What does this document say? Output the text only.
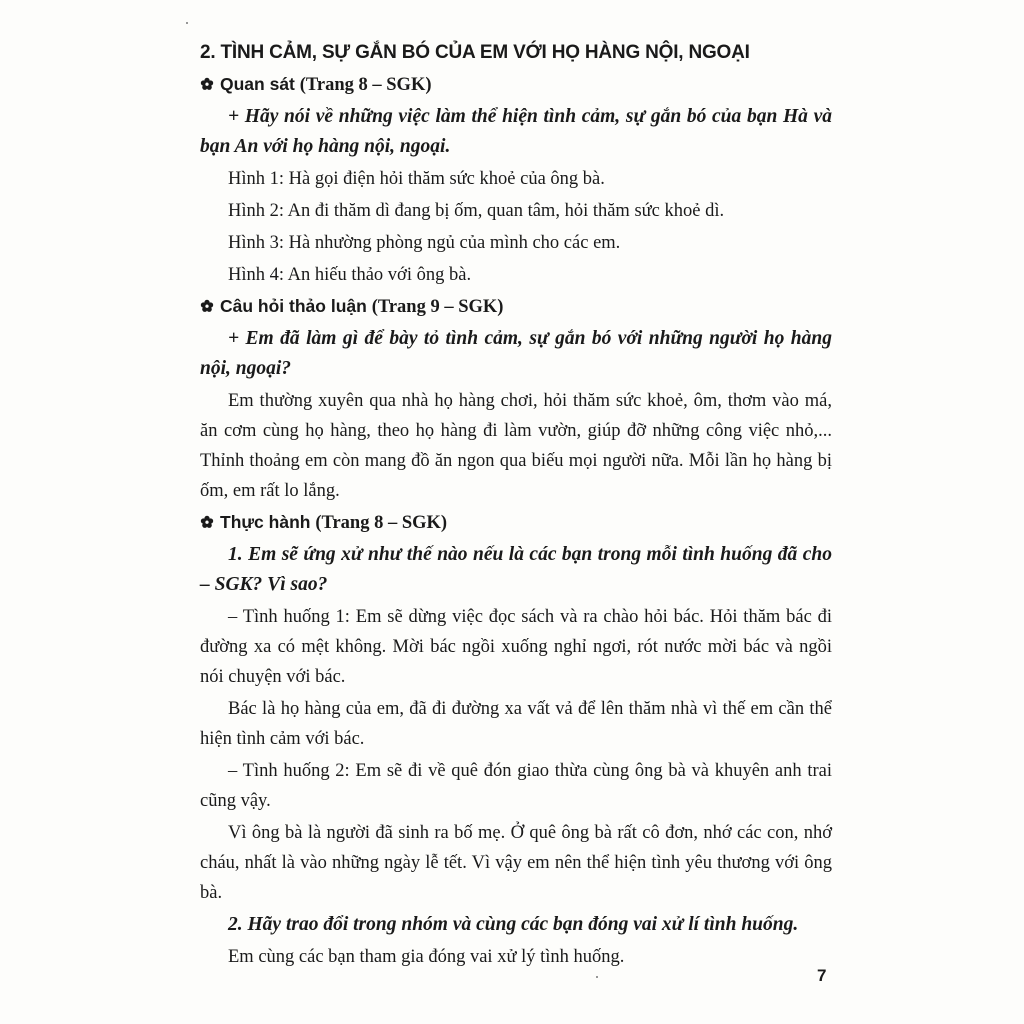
2. TÌNH CẢM, SỰ GẮN BÓ CỦA EM VỚI HỌ HÀNG NỘI, NGOẠI
Quan sát (Trang 8 – SGK)

+ Hãy nói về những việc làm thể hiện tình cảm, sự gắn bó của bạn Hà và bạn An với họ hàng nội, ngoại.

Hình 1: Hà gọi điện hỏi thăm sức khoẻ của ông bà.
Hình 2: An đi thăm dì đang bị ốm, quan tâm, hỏi thăm sức khoẻ dì.
Hình 3: Hà nhường phòng ngủ của mình cho các em.
Hình 4: An hiếu thảo với ông bà.
Câu hỏi thảo luận (Trang 9 – SGK)

+ Em đã làm gì để bày tỏ tình cảm, sự gắn bó với những người họ hàng nội, ngoại?

Em thường xuyên qua nhà họ hàng chơi, hỏi thăm sức khoẻ, ôm, thơm vào má, ăn cơm cùng họ hàng, theo họ hàng đi làm vườn, giúp đỡ những công việc nhỏ,... Thỉnh thoảng em còn mang đồ ăn ngon qua biếu mọi người nữa. Mỗi lần họ hàng bị ốm, em rất lo lắng.

Thực hành (Trang 8 – SGK)

1. Em sẽ ứng xử như thế nào nếu là các bạn trong mỗi tình huống đã cho – SGK? Vì sao?

– Tình huống 1: Em sẽ dừng việc đọc sách và ra chào hỏi bác. Hỏi thăm bác đi đường xa có mệt không. Mời bác ngồi xuống nghỉ ngơi, rót nước mời bác và ngồi nói chuyện với bác.

Bác là họ hàng của em, đã đi đường xa vất vả để lên thăm nhà vì thế em cần thể hiện tình cảm với bác.

– Tình huống 2: Em sẽ đi về quê đón giao thừa cùng ông bà và khuyên anh trai cũng vậy.

Vì ông bà là người đã sinh ra bố mẹ. Ở quê ông bà rất cô đơn, nhớ các con, nhớ cháu, nhất là vào những ngày lễ tết. Vì vậy em nên thể hiện tình yêu thương với ông bà.

2. Hãy trao đổi trong nhóm và cùng các bạn đóng vai xử lí tình huống.

Em cùng các bạn tham gia đóng vai xử lý tình huống.

7
